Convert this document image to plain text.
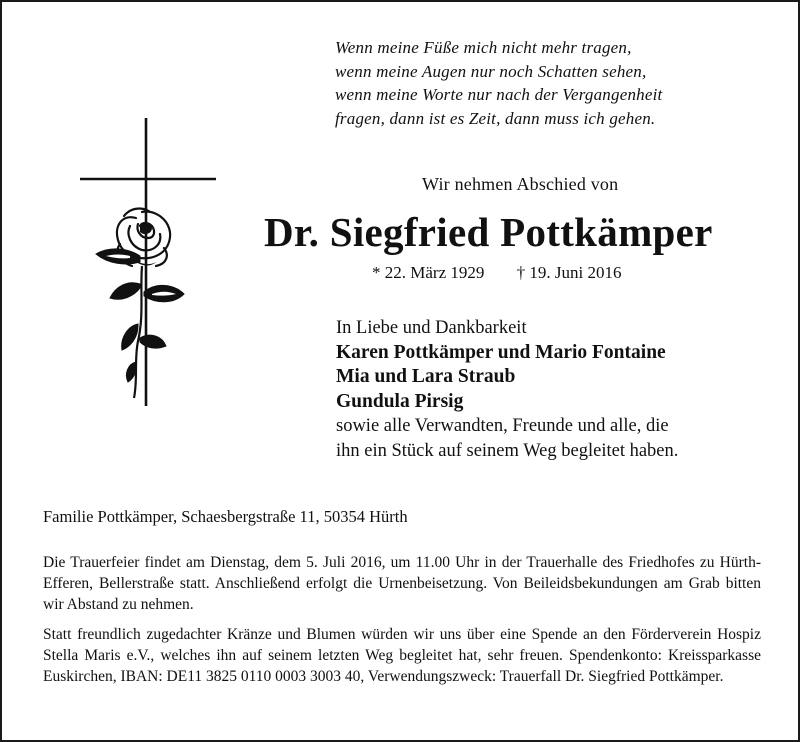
Wenn meine Füße mich nicht mehr tragen,
wenn meine Augen nur noch Schatten sehen,
wenn meine Worte nur nach der Vergangenheit
fragen, dann ist es Zeit, dann muss ich gehen.
Wir nehmen Abschied von
Dr. Siegfried Pottkämper
* 22. März 1929 † 19. Juni 2016
In Liebe und Dankbarkeit
Karen Pottkämper und Mario Fontaine
Mia und Lara Straub
Gundula Pirsig
sowie alle Verwandten, Freunde und alle, die
ihn ein Stück auf seinem Weg begleitet haben.
Familie Pottkämper, Schaesbergstraße 11, 50354 Hürth

Die Trauerfeier findet am Dienstag, dem 5. Juli 2016, um 11.00 Uhr in der Trauerhalle des Friedhofes zu Hürth-Efferen, Bellerstraße statt. Anschließend erfolgt die Urnenbeisetzung. Von Beileidsbekundungen am Grab bitten wir Abstand zu nehmen.

Statt freundlich zugedachter Kränze und Blumen würden wir uns über eine Spende an den Förderverein Hospiz Stella Maris e.V., welches ihn auf seinem letzten Weg begleitet hat, sehr freuen. Spendenkonto: Kreissparkasse Euskirchen, IBAN: DE11 3825 0110 0003 3003 40, Verwendungszweck: Trauerfall Dr. Siegfried Pottkämper.
